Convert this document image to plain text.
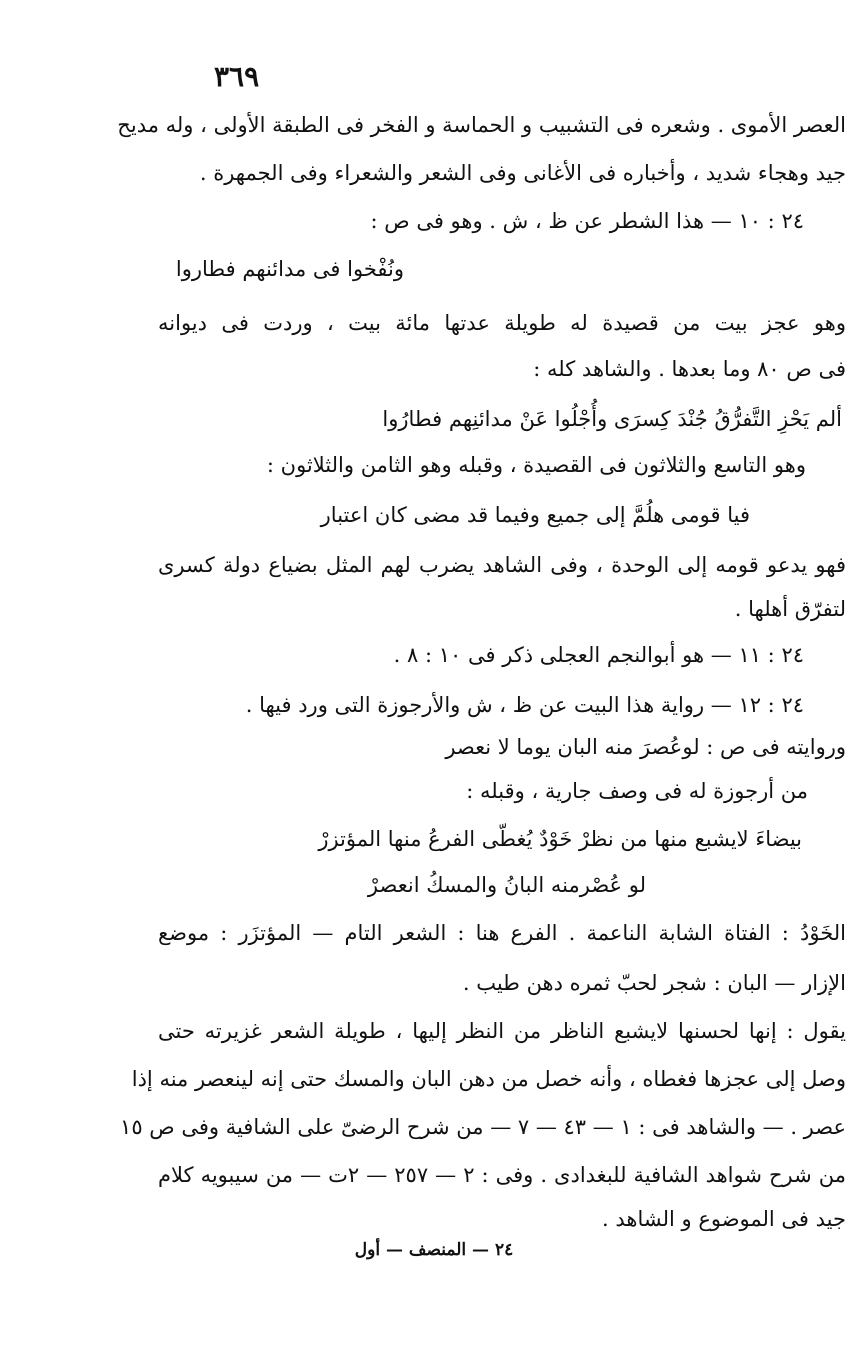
٣٦٩
العصر الأموى . وشعره فى التشبيب و الحماسة و الفخر فى الطبقة الأولى ، وله مديح
جيد وهجاء شديد ، وأخباره فى الأغانى وفى الشعر والشعراء وفى الجمهرة .
٢٤ : ١٠ — هذا الشطر عن ظ ، ش . وهو فى ص :
ونُفْخوا فى مدائنهم فطاروا
وهو عجز بيت من قصيدة له طويلة عدتها مائة بيت ، وردت فى ديوانه
فى ص ٨٠ وما بعدها . والشاهد كله :
ألم يَحْزِ التَّفرُّقُ جُنْدَ كِسرَى وأُجْلُوا عَنْ مدائنِهم فطارُوا
وهو التاسع والثلاثون فى القصيدة ، وقبله وهو الثامن والثلاثون :
فيا قومى هلُمَّ إلى جميع وفيما قد مضى كان اعتبار
فهو يدعو قومه إلى الوحدة ، وفى الشاهد يضرب لهم المثل بضياع دولة كسرى
لتفرّق أهلها .
٢٤ : ١١ — هو أبوالنجم العجلى ذكر فى ١٠ : ٨ .
٢٤ : ١٢ — رواية هذا البيت عن ظ ، ش والأرجوزة التى ورد فيها .
وروايته فى ص : لوعُصرَ منه البان يوما لا نعصر
من أرجوزة له فى وصف جارية ، وقبله :
بيضاءَ لايشبع منها من نظرْ خَوْدٌ يُغطّى الفرعُ منها المؤتزرْ
لو عُصْرمنه البانُ والمسكُ انعصرْ
الخَوْدُ : الفتاة الشابة الناعمة . الفرع هنا : الشعر التام — المؤتزَر : موضع
الإزار — البان : شجر لحبّ ثمره دهن طيب .
يقول : إنها لحسنها لايشبع الناظر من النظر إليها ، طويلة الشعر غزيرته حتى
وصل إلى عجزها فغطاه ، وأنه خصل من دهن البان والمسك حتى إنه لينعصر منه إذا
عصر . — والشاهد فى : ١ — ٤٣ — ٧ — من شرح الرضىّ على الشافية وفى ص ١٥
من شرح شواهد الشافية للبغدادى . وفى : ٢ — ٢٥٧ — ٢ت — من سيبويه كلام
جيد فى الموضوع و الشاهد .
٢٤ — المنصف — أول
